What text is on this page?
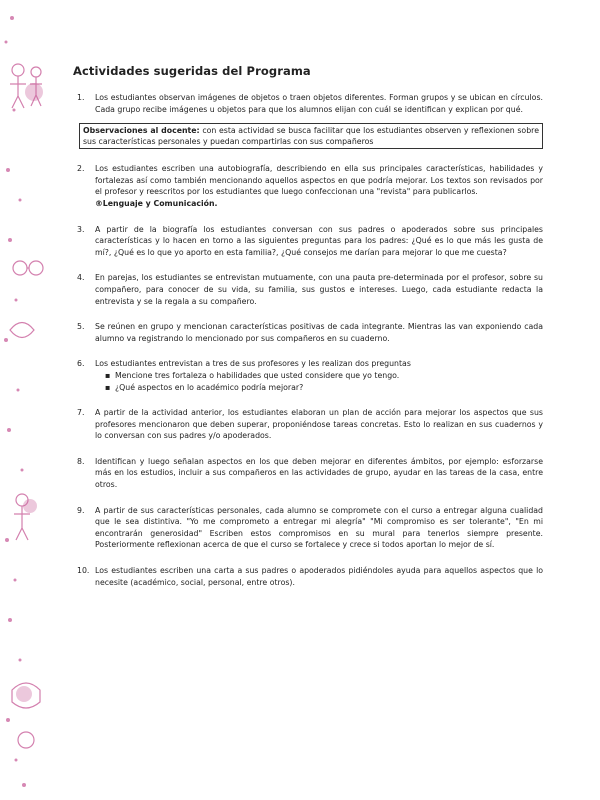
Actividades sugeridas del Programa
1.	Los estudiantes observan imágenes de objetos o traen objetos diferentes. Forman grupos y se ubican en círculos. Cada grupo recibe imágenes u objetos para que los alumnos elijan con cuál se identifican y explican por qué.
Observaciones al docente: con esta actividad se busca facilitar que los estudiantes observen y reflexionen sobre sus características personales y puedan compartirlas con sus compañeros
2.	Los estudiantes escriben una autobiografía, describiendo en ella sus principales características, habilidades y fortalezas así como también mencionando aquellos aspectos en que podría mejorar. Los textos son revisados por el profesor y reescritos por los estudiantes que luego confeccionan una "revista" para publicarlos.
®Lenguaje y Comunicación.
3.	A partir de la biografía los estudiantes conversan con sus padres o apoderados sobre sus principales características y lo hacen en torno a las siguientes preguntas para los padres: ¿Qué es lo que más les gusta de mí?, ¿Qué es lo que yo aporto en esta familia?, ¿Qué consejos me darían para mejorar lo que me cuesta?
4.	En parejas, los estudiantes se entrevistan mutuamente, con una pauta pre-determinada por el profesor, sobre su compañero, para conocer de su vida, su familia, sus gustos e intereses. Luego, cada estudiante redacta la entrevista y se la regala a su compañero.
5.	Se reúnen en grupo y mencionan características positivas de cada integrante. Mientras las van exponiendo cada alumno va registrando lo mencionado por sus compañeros en su cuaderno.
6.	Los estudiantes entrevistan a tres de sus profesores y les realizan dos preguntas
▪ Mencione tres fortaleza o habilidades que usted considere que yo tengo.
▪ ¿Qué aspectos en lo académico podría mejorar?
7.	A partir de la actividad anterior, los estudiantes elaboran un plan de acción para mejorar los aspectos que sus profesores mencionaron que deben superar, proponiéndose tareas concretas. Esto lo realizan en sus cuadernos y lo conversan con sus padres y/o apoderados.
8.	Identifican y luego señalan aspectos en los que deben mejorar en diferentes ámbitos, por ejemplo: esforzarse más en los estudios, incluir a sus compañeros en las actividades de grupo, ayudar en las tareas de la casa, entre otros.
9.	A partir de sus características personales, cada alumno se compromete con el curso a entregar alguna cualidad que le sea distintiva. "Yo me comprometo a entregar mi alegría" "Mi compromiso es ser tolerante", "En mi encontrarán generosidad" Escriben estos compromisos en su mural para tenerlos siempre presente. Posteriormente reflexionan acerca de que el curso se fortalece y crece si todos aportan lo mejor de sí.
10. Los estudiantes escriben una carta a sus padres o apoderados pidiéndoles ayuda para aquellos aspectos que lo necesite (académico, social, personal, entre otros).
